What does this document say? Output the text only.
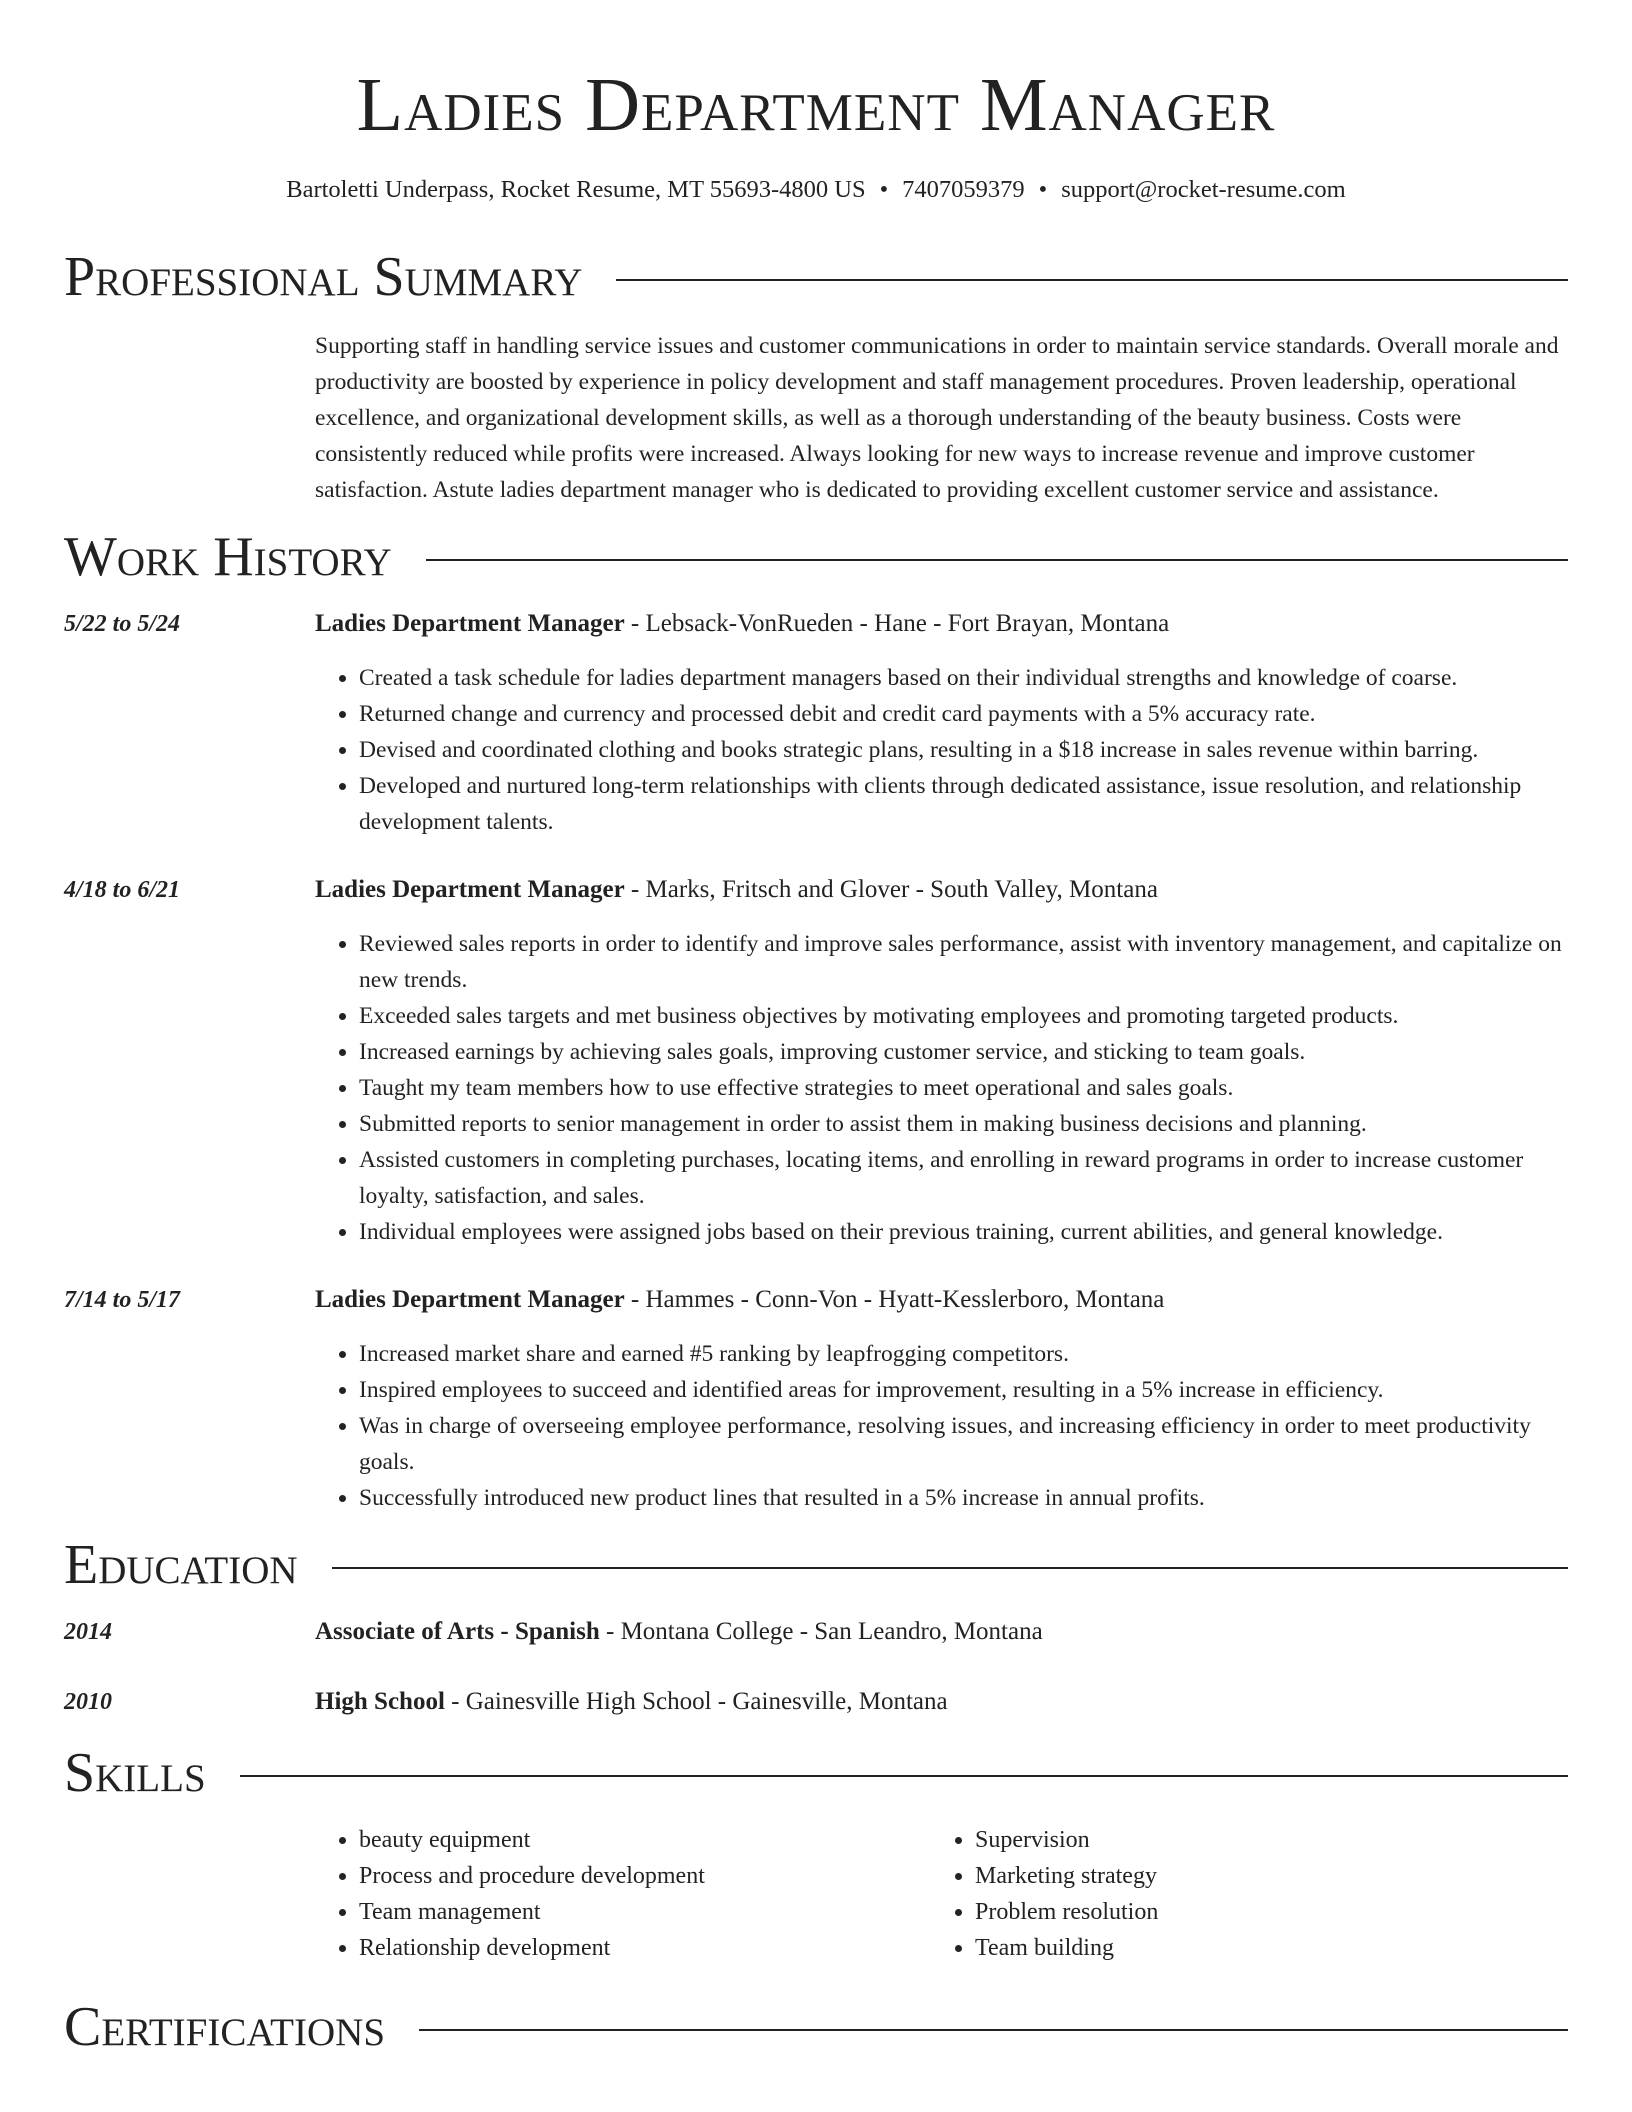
Ladies Department Manager
Bartoletti Underpass, Rocket Resume, MT 55693-4800 US • 7407059379 • support@rocket-resume.com
Professional Summary

Supporting staff in handling service issues and customer communications in order to maintain service standards. Overall morale and productivity are boosted by experience in policy development and staff management procedures. Proven leadership, operational excellence, and organizational development skills, as well as a thorough understanding of the beauty business. Costs were consistently reduced while profits were increased. Always looking for new ways to increase revenue and improve customer satisfaction. Astute ladies department manager who is dedicated to providing excellent customer service and assistance.

Work History
5/22 to 5/24	Ladies Department Manager - Lebsack-VonRueden - Hane - Fort Brayan, Montana
• Created a task schedule for ladies department managers based on their individual strengths and knowledge of coarse.
• Returned change and currency and processed debit and credit card payments with a 5% accuracy rate.
• Devised and coordinated clothing and books strategic plans, resulting in a $18 increase in sales revenue within barring.
• Developed and nurtured long-term relationships with clients through dedicated assistance, issue resolution, and relationship development talents.
4/18 to 6/21	Ladies Department Manager - Marks, Fritsch and Glover - South Valley, Montana
• Reviewed sales reports in order to identify and improve sales performance, assist with inventory management, and capitalize on new trends.
• Exceeded sales targets and met business objectives by motivating employees and promoting targeted products.
• Increased earnings by achieving sales goals, improving customer service, and sticking to team goals.
• Taught my team members how to use effective strategies to meet operational and sales goals.
• Submitted reports to senior management in order to assist them in making business decisions and planning.
• Assisted customers in completing purchases, locating items, and enrolling in reward programs in order to increase customer loyalty, satisfaction, and sales.
• Individual employees were assigned jobs based on their previous training, current abilities, and general knowledge.
7/14 to 5/17	Ladies Department Manager - Hammes - Conn-Von - Hyatt-Kesslerboro, Montana
• Increased market share and earned #5 ranking by leapfrogging competitors.
• Inspired employees to succeed and identified areas for improvement, resulting in a 5% increase in efficiency.
• Was in charge of overseeing employee performance, resolving issues, and increasing efficiency in order to meet productivity goals.
• Successfully introduced new product lines that resulted in a 5% increase in annual profits.
Education
2014	Associate of Arts - Spanish - Montana College - San Leandro, Montana
2010	High School - Gainesville High School - Gainesville, Montana
Skills
• beauty equipment
• Process and procedure development
• Team management
• Relationship development
• Supervision
• Marketing strategy
• Problem resolution
• Team building
Certifications
